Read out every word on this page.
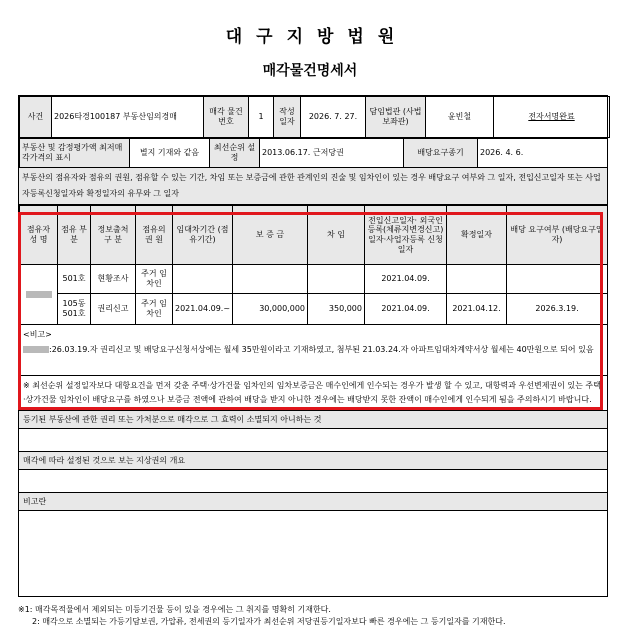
대구지방법원
매각물건명세서
사건	2026타경100187 부동산임의경매	매각 물건번호	1	작성 일자	2026. 7. 27.	담임법관 (사법보좌관)	윤빈철	전자서명완료
부동산 및 감정평가액 최저매각가격의 표시	별지 기재와 같음	최선순위 설정	2013.06.17. 근저당권	배당요구종기	2026. 4. 6.
부동산의 점유자와 점유의 권원, 점유할 수 있는 기간, 차임 또는 보증금에 관한 관계인의 진술 및 임차인이 있는 경우 배당요구 여부와 그 일자, 전입신고일자 또는 사업자등록신청일자와 확정일자의 유무와 그 일자
점유자 성 명	점유 부분	정보출처 구 분	점유의 권 원	임대차기간 (점유기간)	보 증 금	차 임	전입신고일자· 외국인등록(체류지변경신고) 일자·사업자등록 신청일자	확정일자	배당 요구여부 (배당요구일자)
	501호	현황조사	주거 임차인				2021.04.09.		
	105동 501호	권리신고	주거 임차인	2021.04.09.~	30,000,000	350,000	2021.04.09.	2021.04.12.	2026.3.19.
<비고>
:26.03.19.자 권리신고 및 배당요구신청서상에는 월세 35만원이라고 기재하였고, 첨부된 21.03.24.자 아파트임대차계약서상 월세는 40만원으로 되어 있음
※ 최선순위 설정일자보다 대항요건을 먼저 갖춘 주택·상가건물 임차인의 임차보증금은 매수인에게 인수되는 경우가 발생 할 수 있고, 대항력과 우선변제권이 있는 주택·상가건물 임차인이 배당요구를 하였으나 보증금 전액에 관하여 배당을 받지 아니한 경우에는 배당받지 못한 잔액이 매수인에게 인수되게 됨을 주의하시기 바랍니다.
등기된 부동산에 관한 권리 또는 가처분으로 매각으로 그 효력이 소멸되지 아니하는 것
매각에 따라 설정된 것으로 보는 지상권의 개요
비고란
※1: 매각목적물에서 제외되는 미등기건물 등이 있을 경우에는 그 취지를 명확히 기재한다.
2: 매각으로 소멸되는 가등기담보권, 가압류, 전세권의 등기일자가 최선순위 저당권등기일자보다 빠른 경우에는 그 등기일자를 기재한다.
